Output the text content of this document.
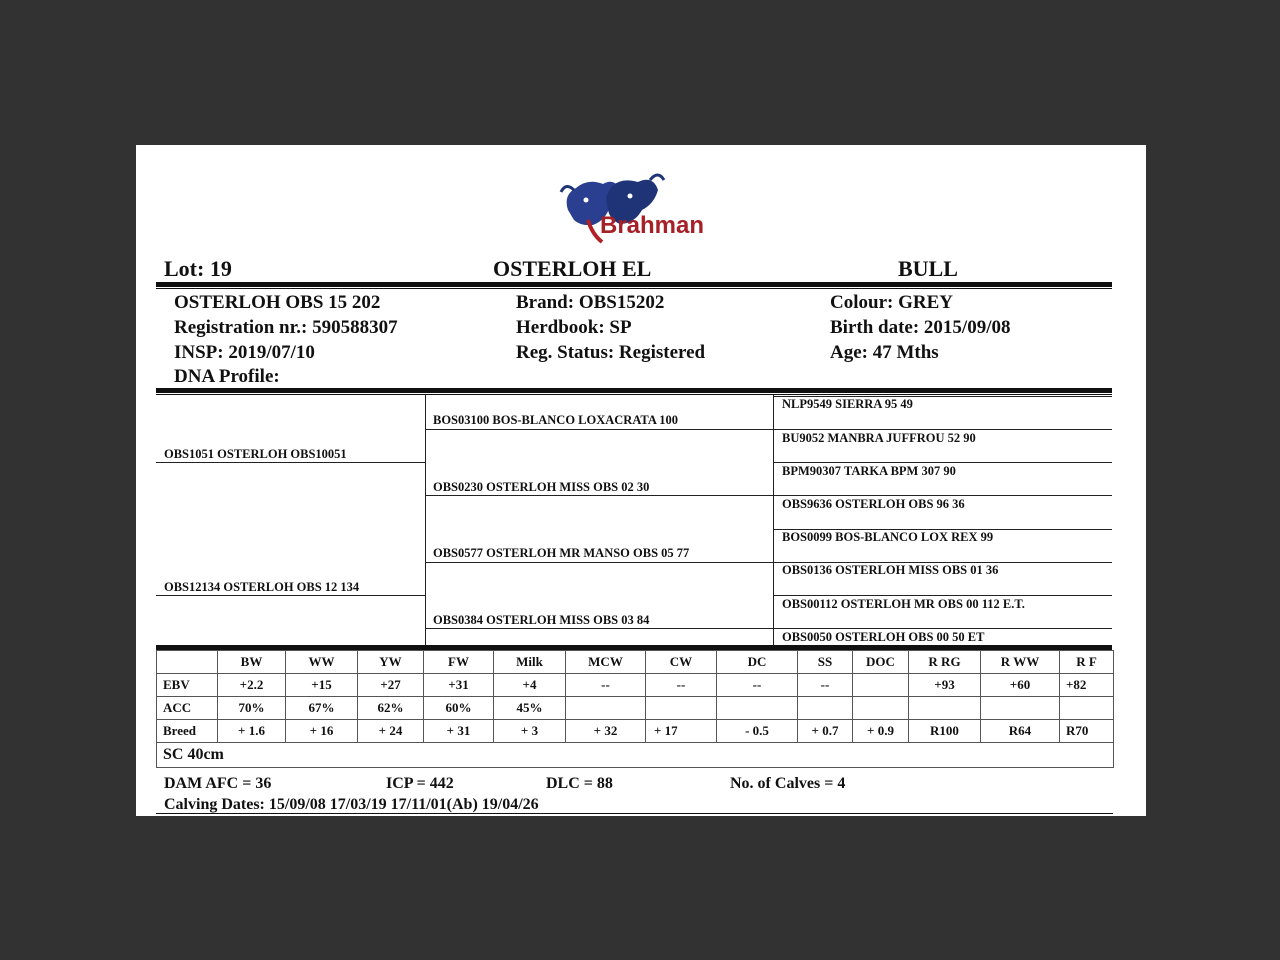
Brahman
Lot: 19	OSTERLOH EL	BULL
OSTERLOH OBS 15 202
Registration nr.: 590588307
INSP: 2019/07/10
DNA Profile:
Brand: OBS15202
Herdbook: SP
Reg. Status: Registered
Colour: GREY
Birth date: 2015/09/08
Age: 47 Mths
OBS1051 OSTERLOH OBS10051
OBS12134 OSTERLOH OBS 12 134
BOS03100 BOS-BLANCO LOXACRATA 100
OBS0230 OSTERLOH MISS OBS 02 30
OBS0577 OSTERLOH MR MANSO OBS 05 77
OBS0384 OSTERLOH MISS OBS 03 84
NLP9549 SIERRA 95 49
BU9052 MANBRA JUFFROU 52 90
BPM90307 TARKA BPM 307 90
OBS9636 OSTERLOH OBS 96 36
BOS0099 BOS-BLANCO LOX REX 99
OBS0136 OSTERLOH MISS OBS 01 36
OBS00112 OSTERLOH MR OBS 00 112 E.T.
OBS0050 OSTERLOH OBS 00 50 ET
	BW	WW	YW	FW	Milk	MCW	CW	DC	SS	DOC	R RG	R WW	R F
EBV	+2.2	+15	+27	+31	+4	--	--	--	--		+93	+60	+82
ACC	70%	67%	62%	60%	45%								
Breed	+ 1.6	+ 16	+ 24	+ 31	+ 3	+ 32	+ 17	- 0.5	+ 0.7	+ 0.9	R100	R64	R70
SC 40cm													
DAM AFC = 36	ICP = 442	DLC = 88	No. of Calves = 4
Calving Dates: 15/09/08 17/03/19 17/11/01(Ab) 19/04/26
